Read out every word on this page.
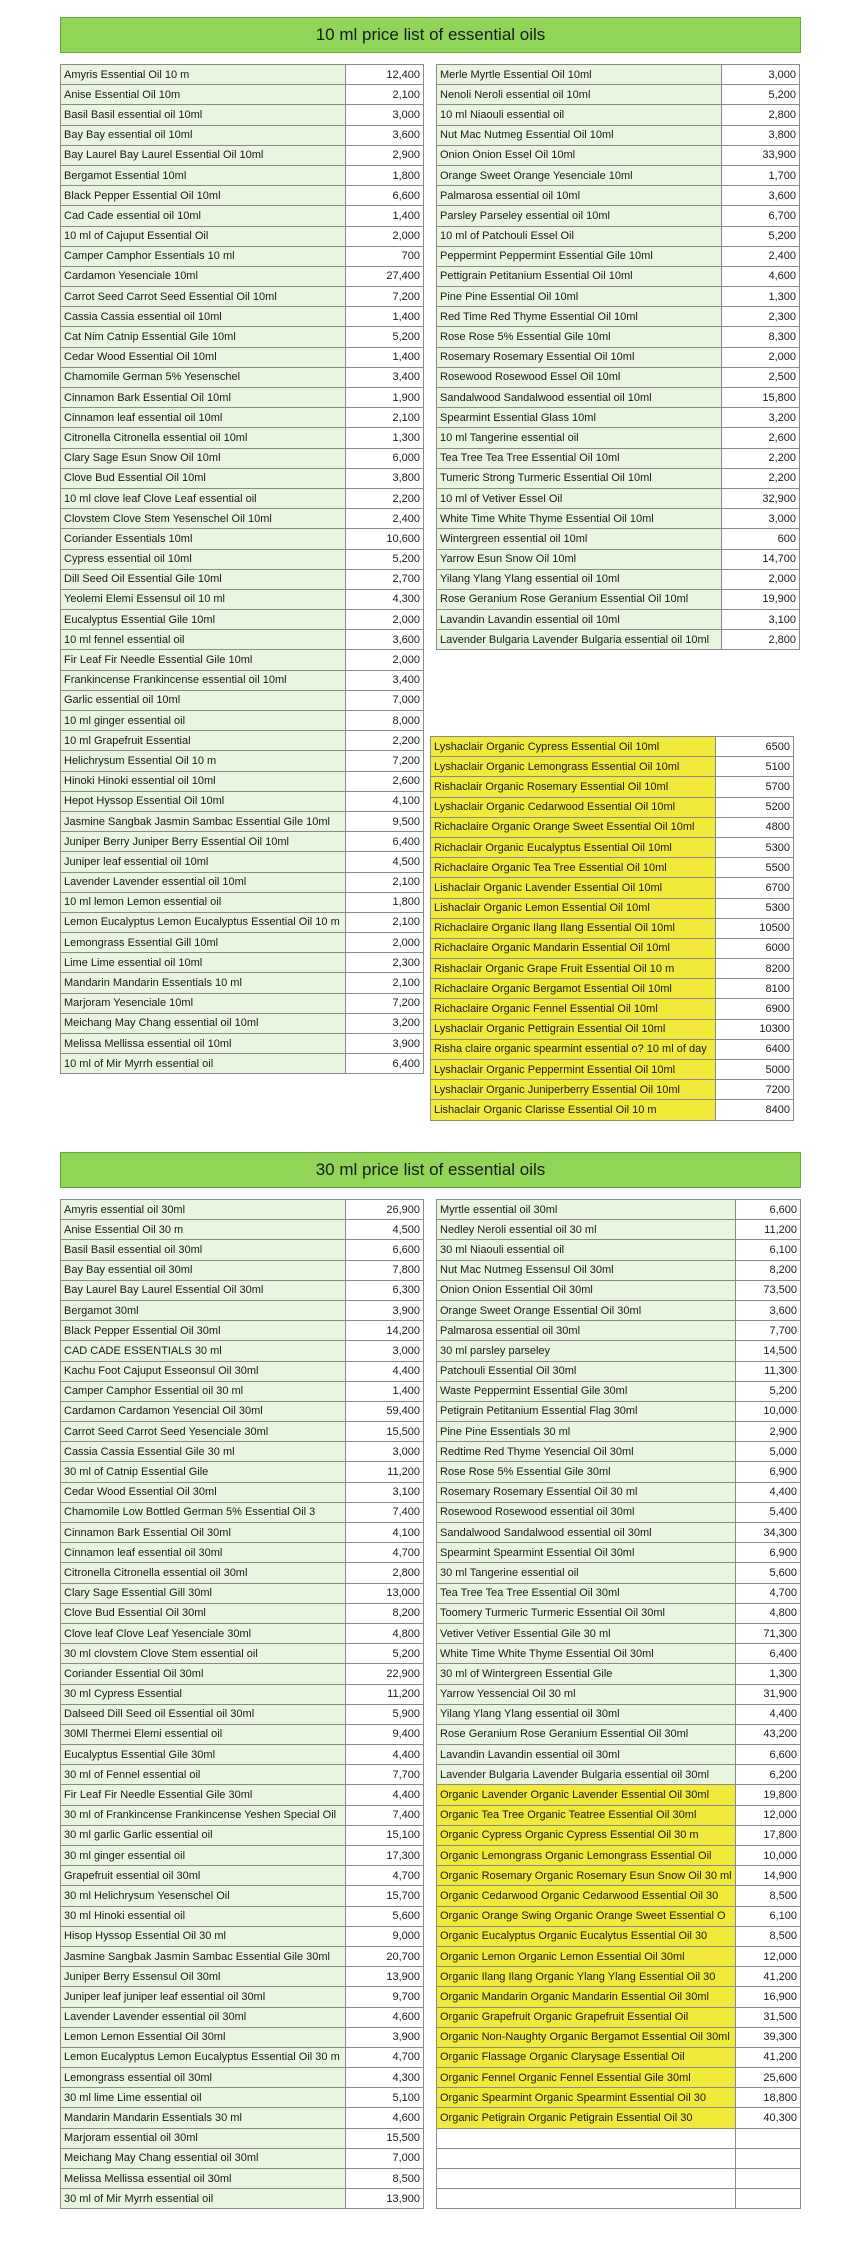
10 ml price list of essential oils
Amyris Essential Oil 10 m	12,400
Anise Essential Oil 10m	2,100
Basil Basil essential oil 10ml	3,000
Bay Bay essential oil 10ml	3,600
Bay Laurel Bay Laurel Essential Oil 10ml	2,900
Bergamot Essential 10ml	1,800
Black Pepper Essential Oil 10ml	6,600
Cad Cade essential oil 10ml	1,400
10 ml of Cajuput Essential Oil	2,000
Camper Camphor Essentials 10 ml	700
Cardamon Yesenciale 10ml	27,400
Carrot Seed Carrot Seed Essential Oil 10ml	7,200
Cassia Cassia essential oil 10ml	1,400
Cat Nim Catnip Essential Gile 10ml	5,200
Cedar Wood Essential Oil 10ml	1,400
Chamomile German 5% Yesenschel	3,400
Cinnamon Bark Essential Oil 10ml	1,900
Cinnamon leaf essential oil 10ml	2,100
Citronella Citronella essential oil 10ml	1,300
Clary Sage Esun Snow Oil 10ml	6,000
Clove Bud Essential Oil 10ml	3,800
10 ml clove leaf Clove Leaf essential oil	2,200
Clovstem Clove Stem Yesenschel Oil 10ml	2,400
Coriander Essentials 10ml	10,600
Cypress essential oil 10ml	5,200
Dill Seed Oil Essential Gile 10ml	2,700
Yeolemi Elemi Essensul oil 10 ml	4,300
Eucalyptus Essential Gile 10ml	2,000
10 ml fennel essential oil	3,600
Fir Leaf Fir Needle Essential Gile 10ml	2,000
Frankincense Frankincense essential oil 10ml	3,400
Garlic essential oil 10ml	7,000
10 ml ginger essential oil	8,000
10 ml Grapefruit Essential	2,200
Helichrysum Essential Oil 10 m	7,200
Hinoki Hinoki essential oil 10ml	2,600
Hepot Hyssop Essential Oil 10ml	4,100
Jasmine Sangbak Jasmin Sambac Essential Gile 10ml	9,500
Juniper Berry Juniper Berry Essential Oil 10ml	6,400
Juniper leaf essential oil 10ml	4,500
Lavender Lavender essential oil 10ml	2,100
10 ml lemon Lemon essential oil	1,800
Lemon Eucalyptus Lemon Eucalyptus Essential Oil 10 m	2,100
Lemongrass Essential Gill 10ml	2,000
Lime Lime essential oil 10ml	2,300
Mandarin Mandarin Essentials 10 ml	2,100
Marjoram Yesenciale 10ml	7,200
Meichang May Chang essential oil 10ml	3,200
Melissa Mellissa essential oil 10ml	3,900
10 ml of Mir Myrrh essential oil	6,400
Merle Myrtle Essential Oil 10ml	3,000
Nenoli Neroli essential oil 10ml	5,200
10 ml Niaouli essential oil	2,800
Nut Mac Nutmeg Essential Oil 10ml	3,800
Onion Onion Essel Oil 10ml	33,900
Orange Sweet Orange Yesenciale 10ml	1,700
Palmarosa essential oil 10ml	3,600
Parsley Parseley essential oil 10ml	6,700
10 ml of Patchouli Essel Oil	5,200
Peppermint Peppermint Essential Gile 10ml	2,400
Pettigrain Petitanium Essential Oil 10ml	4,600
Pine Pine Essential Oil 10ml	1,300
Red Time Red Thyme Essential Oil 10ml	2,300
Rose Rose 5% Essential Gile 10ml	8,300
Rosemary Rosemary Essential Oil 10ml	2,000
Rosewood Rosewood Essel Oil 10ml	2,500
Sandalwood Sandalwood essential oil 10ml	15,800
Spearmint Essential Glass 10ml	3,200
10 ml Tangerine essential oil	2,600
Tea Tree Tea Tree Essential Oil 10ml	2,200
Tumeric Strong Turmeric Essential Oil 10ml	2,200
10 ml of Vetiver Essel Oil	32,900
White Time White Thyme Essential Oil 10ml	3,000
Wintergreen essential oil 10ml	600
Yarrow Esun Snow Oil 10ml	14,700
Yilang Ylang Ylang essential oil 10ml	2,000
Rose Geranium Rose Geranium Essential Oil 10ml	19,900
Lavandin Lavandin essential oil 10ml	3,100
Lavender Bulgaria Lavender Bulgaria essential oil 10ml	2,800
Lyshaclair Organic Cypress Essential Oil 10ml	6500
Lyshaclair Organic Lemongrass Essential Oil 10ml	5100
Rishaclair Organic Rosemary Essential Oil 10ml	5700
Lyshaclair Organic Cedarwood Essential Oil 10ml	5200
Richaclaire Organic Orange Sweet Essential Oil 10ml	4800
Richaclair Organic Eucalyptus Essential Oil 10ml	5300
Richaclaire Organic Tea Tree Essential Oil 10ml	5500
Lishaclair Organic Lavender Essential Oil 10ml	6700
Lishaclair Organic Lemon Essential Oil 10ml	5300
Richaclaire Organic Ilang Ilang Essential Oil 10ml	10500
Richaclaire Organic Mandarin Essential Oil 10ml	6000
Rishaclair Organic Grape Fruit Essential Oil 10 m	8200
Richaclaire Organic Bergamot Essential Oil 10ml	8100
Richaclaire Organic Fennel Essential Oil 10ml	6900
Lyshaclair Organic Pettigrain Essential Oil 10ml	10300
Risha claire organic spearmint essential o? 10 ml of day	6400
Lyshaclair Organic Peppermint Essential Oil 10ml	5000
Lyshaclair Organic Juniperberry Essential Oil 10ml	7200
Lishaclair Organic Clarisse Essential Oil 10 m	8400
30 ml price list of essential oils
Amyris essential oil 30ml	26,900
Anise Essential Oil 30 m	4,500
Basil Basil essential oil 30ml	6,600
Bay Bay essential oil 30ml	7,800
Bay Laurel Bay Laurel Essential Oil 30ml	6,300
Bergamot 30ml	3,900
Black Pepper Essential Oil 30ml	14,200
CAD CADE ESSENTIALS 30 ml	3,000
Kachu Foot Cajuput Esseonsul Oil 30ml	4,400
Camper Camphor Essential oil 30 ml	1,400
Cardamon Cardamon Yesencial Oil 30ml	59,400
Carrot Seed Carrot Seed Yesenciale 30ml	15,500
Cassia Cassia Essential Gile 30 ml	3,000
30 ml of Catnip Essential Gile	11,200
Cedar Wood Essential Oil 30ml	3,100
Chamomile Low Bottled German 5% Essential Oil 3	7,400
Cinnamon Bark Essential Oil 30ml	4,100
Cinnamon leaf essential oil 30ml	4,700
Citronella Citronella essential oil 30ml	2,800
Clary Sage Essential Gill 30ml	13,000
Clove Bud Essential Oil 30ml	8,200
Clove leaf Clove Leaf Yesenciale 30ml	4,800
30 ml clovstem Clove Stem essential oil	5,200
Coriander Essential Oil 30ml	22,900
30 ml Cypress Essential	11,200
Dalseed Dill Seed oil Essential oil 30ml	5,900
30Ml Thermei Elemi essential oil	9,400
Eucalyptus Essential Gile 30ml	4,400
30 ml of Fennel essential oil	7,700
Fir Leaf Fir Needle Essential Gile 30ml	4,400
30 ml of Frankincense Frankincense Yeshen Special Oil	7,400
30 ml garlic Garlic essential oil	15,100
30 ml ginger essential oil	17,300
Grapefruit essential oil 30ml	4,700
30 ml Helichrysum Yesenschel Oil	15,700
30 ml Hinoki essential oil	5,600
Hisop Hyssop Essential Oil 30 ml	9,000
Jasmine Sangbak Jasmin Sambac Essential Gile 30ml	20,700
Juniper Berry Essensul Oil 30ml	13,900
Juniper leaf juniper leaf essential oil 30ml	9,700
Lavender Lavender essential oil 30ml	4,600
Lemon Lemon Essential Oil 30ml	3,900
Lemon Eucalyptus Lemon Eucalyptus Essential Oil 30 m	4,700
Lemongrass essential oil 30ml	4,300
30 ml lime Lime essential oil	5,100
Mandarin Mandarin Essentials 30 ml	4,600
Marjoram essential oil 30ml	15,500
Meichang May Chang essential oil 30ml	7,000
Melissa Mellissa essential oil 30ml	8,500
30 ml of Mir Myrrh essential oil	13,900
Myrtle essential oil 30ml	6,600
Nedley Neroli essential oil 30 ml	11,200
30 ml Niaouli essential oil	6,100
Nut Mac Nutmeg Essensul Oil 30ml	8,200
Onion Onion Essential Oil 30ml	73,500
Orange Sweet Orange Essential Oil 30ml	3,600
Palmarosa essential oil 30ml	7,700
30 ml parsley parseley	14,500
Patchouli Essential Oil 30ml	11,300
Waste Peppermint Essential Gile 30ml	5,200
Petigrain Petitanium Essential Flag 30ml	10,000
Pine Pine Essentials 30 ml	2,900
Redtime Red Thyme Yesencial Oil 30ml	5,000
Rose Rose 5% Essential Gile 30ml	6,900
Rosemary Rosemary Essential Oil 30 ml	4,400
Rosewood Rosewood essential oil 30ml	5,400
Sandalwood Sandalwood essential oil 30ml	34,300
Spearmint Spearmint Essential Oil 30ml	6,900
30 ml Tangerine essential oil	5,600
Tea Tree Tea Tree Essential Oil 30ml	4,700
Toomery Turmeric Turmeric Essential Oil 30ml	4,800
Vetiver Vetiver Essential Gile 30 ml	71,300
White Time White Thyme Essential Oil 30ml	6,400
30 ml of Wintergreen Essential Gile	1,300
Yarrow Yessencial Oil 30 ml	31,900
Yilang Ylang Ylang essential oil 30ml	4,400
Rose Geranium Rose Geranium Essential Oil 30ml	43,200
Lavandin Lavandin essential oil 30ml	6,600
Lavender Bulgaria Lavender Bulgaria essential oil 30ml	6,200
Organic Lavender Organic Lavender Essential Oil 30ml	19,800
Organic Tea Tree Organic Teatree Essential Oil 30ml	12,000
Organic Cypress Organic Cypress Essential Oil 30 m	17,800
Organic Lemongrass Organic Lemongrass Essential Oil	10,000
Organic Rosemary Organic Rosemary Esun Snow Oil 30 ml	14,900
Organic Cedarwood Organic Cedarwood Essential Oil 30	8,500
Organic Orange Swing Organic Orange Sweet Essential O	6,100
Organic Eucalyptus Organic Eucalytus Essential Oil 30	8,500
Organic Lemon Organic Lemon Essential Oil 30ml	12,000
Organic Ilang Ilang Organic Ylang Ylang Essential Oil 30	41,200
Organic Mandarin Organic Mandarin Essential Oil 30ml	16,900
Organic Grapefruit Organic Grapefruit Essential Oil	31,500
Organic Non-Naughty Organic Bergamot Essential Oil 30ml	39,300
Organic Flassage Organic Clarysage Essential Oil	41,200
Organic Fennel Organic Fennel Essential Gile 30ml	25,600
Organic Spearmint Organic Spearmint Essential Oil 30	18,800
Organic Petigrain Organic Petigrain Essential Oil 30	40,300
